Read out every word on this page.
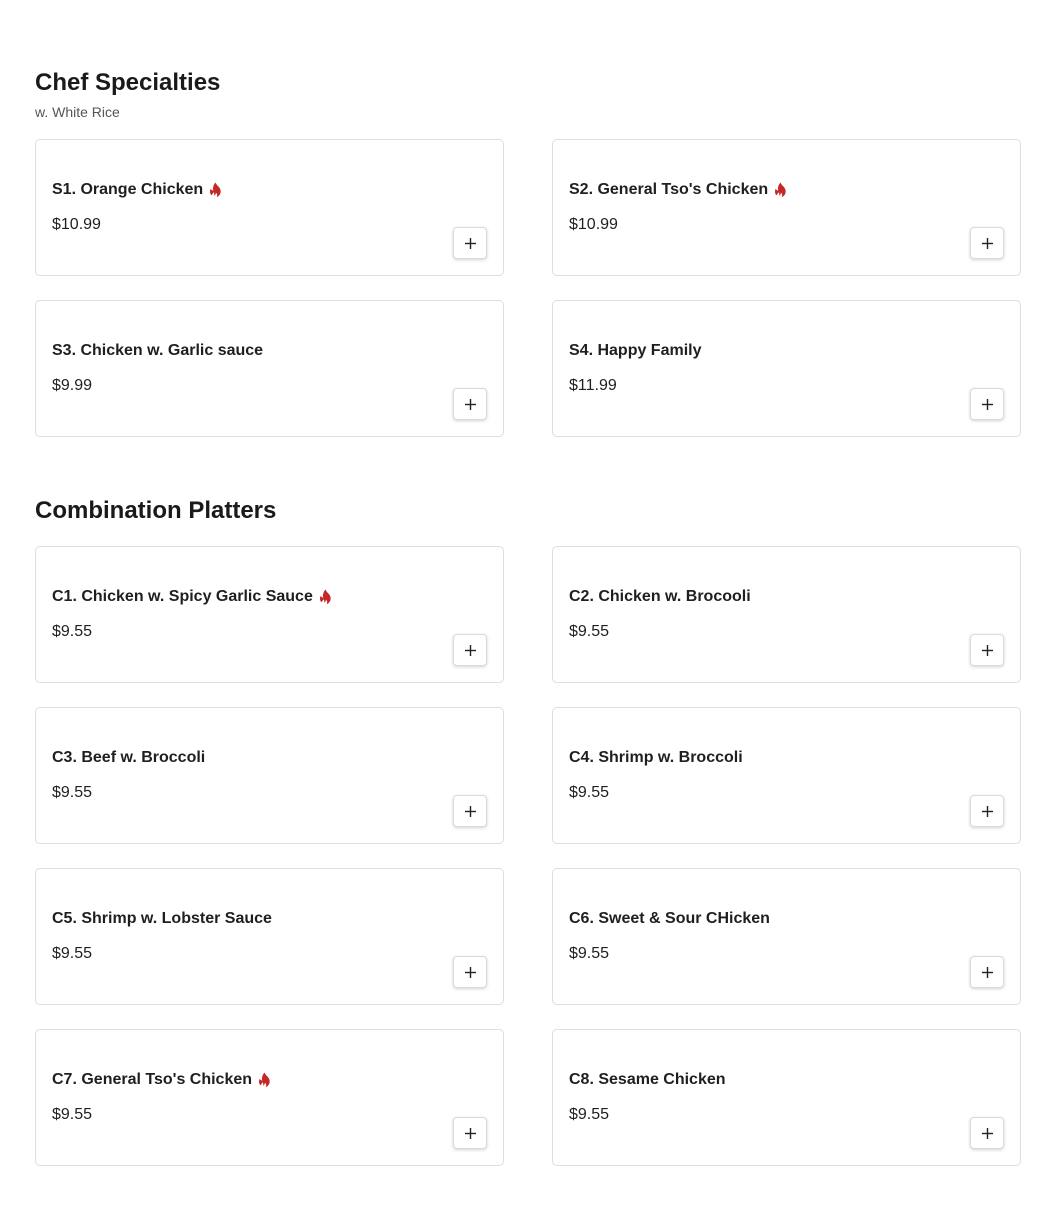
Chef Specialties

w. White Rice

S1. Orange Chicken
$10.99
S2. General Tso's Chicken
$10.99
S3. Chicken w. Garlic sauce
$9.99
S4. Happy Family
$11.99
Combination Platters
C1. Chicken w. Spicy Garlic Sauce
$9.55
C2. Chicken w. Brocooli
$9.55
C3. Beef w. Broccoli
$9.55
C4. Shrimp w. Broccoli
$9.55
C5. Shrimp w. Lobster Sauce
$9.55
C6. Sweet & Sour CHicken
$9.55
C7. General Tso's Chicken
$9.55
C8. Sesame Chicken
$9.55
